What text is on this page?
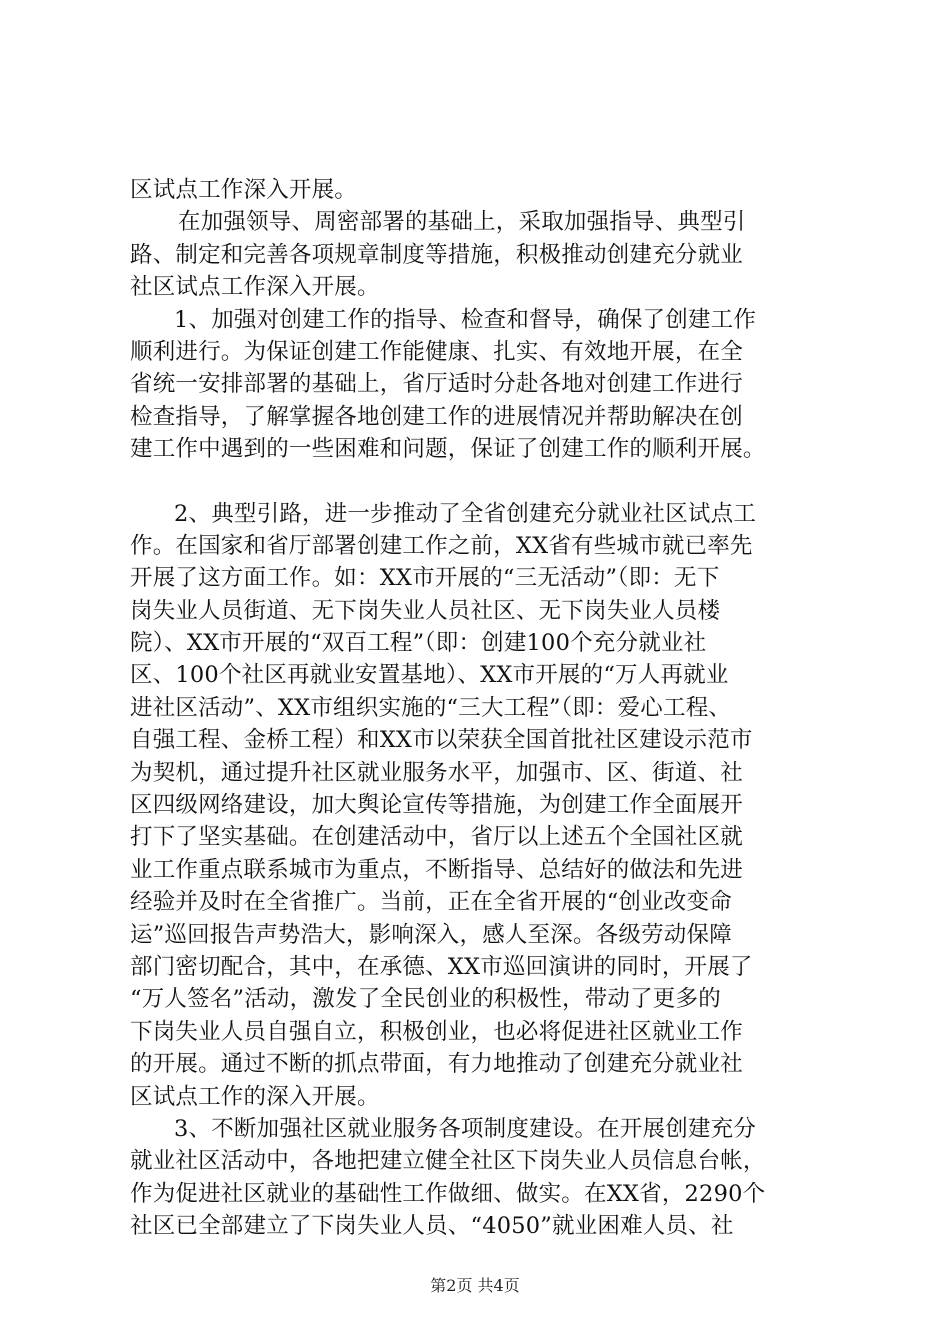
区试点工作深入开展。
在加强领导、周密部署的基础上，采取加强指导、典型引
路、制定和完善各项规章制度等措施，积极推动创建充分就业
社区试点工作深入开展。
1、加强对创建工作的指导、检查和督导，确保了创建工作
顺利进行。为保证创建工作能健康、扎实、有效地开展，在全
省统一安排部署的基础上，省厅适时分赴各地对创建工作进行
检查指导，了解掌握各地创建工作的进展情况并帮助解决在创
建工作中遇到的一些困难和问题，保证了创建工作的顺利开展。
2、典型引路，进一步推动了全省创建充分就业社区试点工
作。在国家和省厅部署创建工作之前，XX省有些城市就已率先
开展了这方面工作。如：XX市开展的“三无活动”（即：无下
岗失业人员街道、无下岗失业人员社区、无下岗失业人员楼
院）、XX市开展的“双百工程”（即：创建100个充分就业社
区、100个社区再就业安置基地）、XX市开展的“万人再就业
进社区活动”、XX市组织实施的“三大工程”（即：爱心工程、
自强工程、金桥工程）和XX市以荣获全国首批社区建设示范市
为契机，通过提升社区就业服务水平，加强市、区、街道、社
区四级网络建设，加大舆论宣传等措施，为创建工作全面展开
打下了坚实基础。在创建活动中，省厅以上述五个全国社区就
业工作重点联系城市为重点，不断指导、总结好的做法和先进
经验并及时在全省推广。当前，正在全省开展的“创业改变命
运”巡回报告声势浩大，影响深入，感人至深。各级劳动保障
部门密切配合，其中，在承德、XX市巡回演讲的同时，开展了
“万人签名”活动，激发了全民创业的积极性，带动了更多的
下岗失业人员自强自立，积极创业，也必将促进社区就业工作
的开展。通过不断的抓点带面，有力地推动了创建充分就业社
区试点工作的深入开展。
3、不断加强社区就业服务各项制度建设。在开展创建充分
就业社区活动中，各地把建立健全社区下岗失业人员信息台帐，
作为促进社区就业的基础性工作做细、做实。在XX省，2290个
社区已全部建立了下岗失业人员、“4050”就业困难人员、社
第2页 共4页
